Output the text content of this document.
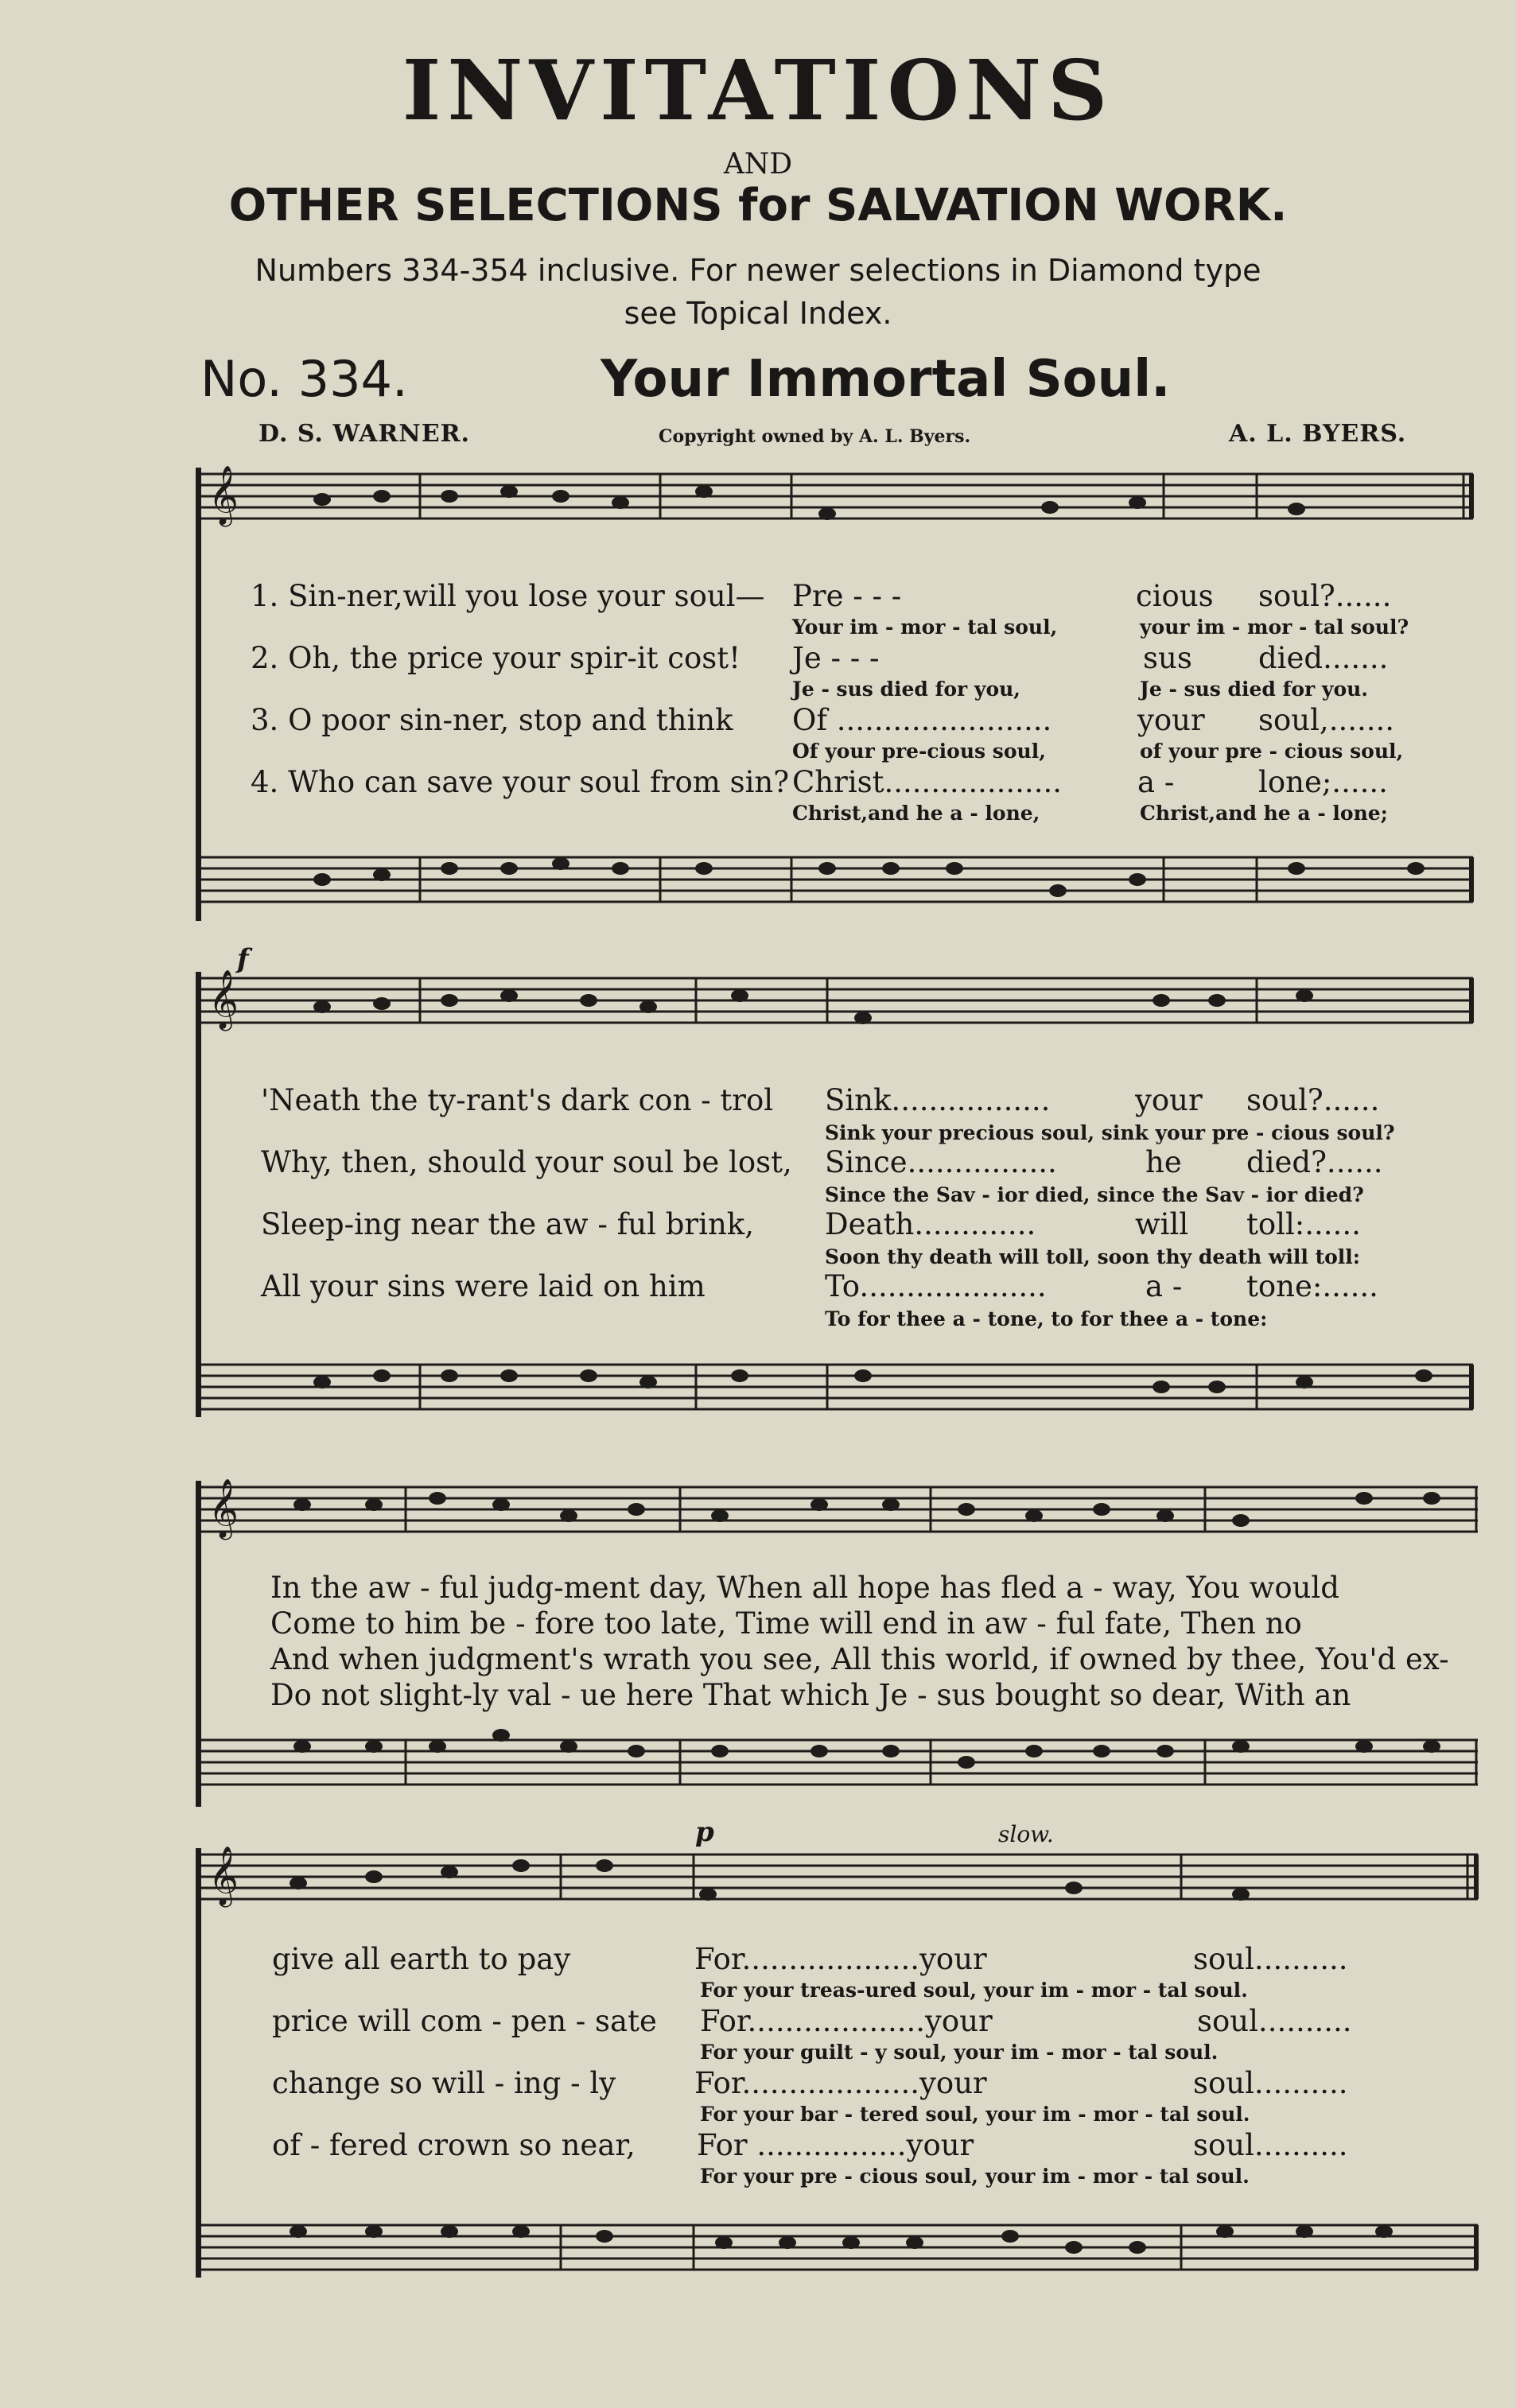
INVITATIONS
AND
OTHER SELECTIONS for SALVATION WORK.
Numbers 334-354 inclusive. For newer selections in Diamond type
see Topical Index.
No. 334.	Your Immortal Soul.
D. S. WARNER.	Copyright owned by A. L. Byers.	A. L. BYERS.
𝄞
1. Sin-ner,will you lose your soul— Pre - - -	cious soul?......
Your im - mor - tal soul,	your im - mor - tal soul?
2. Oh, the price your spir-it cost! Je - - -	sus died.......
Je - sus died for you,	Je - sus died for you.
3. O poor sin-ner, stop and think Of .......................	your soul,.......
Of your pre-cious soul,	of your pre - cious soul,
4. Who can save your soul from sin? Christ...................	a -	lone;......
Christ,and he a - lone,	Christ,and he a - lone;
f
𝄞
'Neath the ty-rant's dark con - trol Sink.................	your soul?......
Sink your precious soul, sink your pre - cious soul?
Why, then, should your soul be lost, Since................	he died?......
Since the Sav - ior died, since the Sav - ior died?
Sleep-ing near the aw - ful brink, Death.............	will toll:......
Soon thy death will toll, soon thy death will toll:
All your sins were laid on him	To....................	a - tone:......
To for thee a - tone, to for thee a - tone:
𝄞
In the aw - ful judg-ment day, When all hope has fled a - way, You would
Come to him be - fore too late, Time will end in aw - ful fate, Then no
And when judgment's wrath you see, All this world, if owned by thee, You'd ex-
Do not slight-ly val - ue here That which Je - sus bought so dear, With an
p	slow.
𝄞
give all earth to pay	For...................your	soul..........
For your treas-ured soul, your im - mor - tal soul.
price will com - pen - sate For...................your	soul..........
For your guilt - y soul, your im - mor - tal soul.
change so will - ing - ly	For...................your	soul..........
For your bar - tered soul, your im - mor - tal soul.
of - fered crown so near, For ................your	soul..........
For your pre - cious soul, your im - mor - tal soul.
